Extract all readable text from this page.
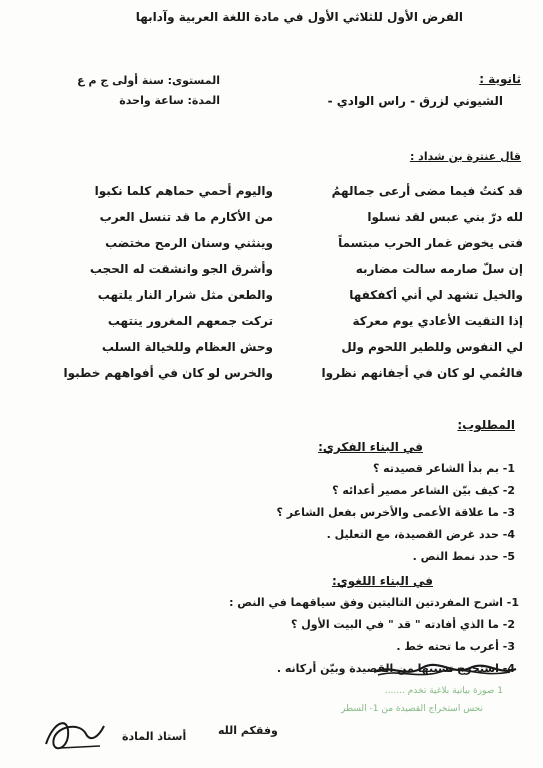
الفرض الأول للثلاثي الأول في مادة اللغة العربية وآدابها
ثانوية :
الشيوني لزرق - راس الوادي -
المستوى: سنة أولى ج م ع
المدة: ساعة واحدة
قال عنترة بن شداد :
قد كنتُ فيما مضى أرعى جمالهمُ
واليوم أحمي حماهم كلما نكبوا
لله درّ بني عبس لقد نسلوا
من الأكارم ما قد تنسل العرب
فتى يخوض غمار الحرب مبتسماً
وينثني وسنان الرمح مختضب
إن سلّ صارمه سالت مضاربه
وأشرق الجو وانشقت له الحجب
والخيل تشهد لي أني أكفكفها
والطعن مثل شرار النار يلتهب
إذا التقيت الأعادي يوم معركة
تركت جمعهم المغرور ينتهب
لي النفوس وللطير اللحوم ولل
وحش العظام وللخيالة السلب
فالعُمي لو كان في أجفانهم نظروا
والخرس لو كان في أفواههم خطبوا
المطلوب:
في البناء الفكري:
1- بم بدأ الشاعر قصيدته ؟
2- كيف بيّن الشاعر مصير أعدائه ؟
3- ما علاقة الأعمى والأخرس بفعل الشاعر ؟
4- حدد غرض القصيدة، مع التعليل .
5- حدد نمط النص .
في البناء اللغوي:
1- اشرح المفردتين التاليتين وفق سياقهما في النص :
2- ما الذي أفادته " قد " في البيت الأول ؟
3- أعرب ما تحته خط .
4- استخرج تشبيها من القصيدة وبيّن أركانه .
1 صورة بيانية بلاغية تخدم .......
نحس استخراج القصيدة من 1- السطر
وفقكم الله
أستاذ المادة
